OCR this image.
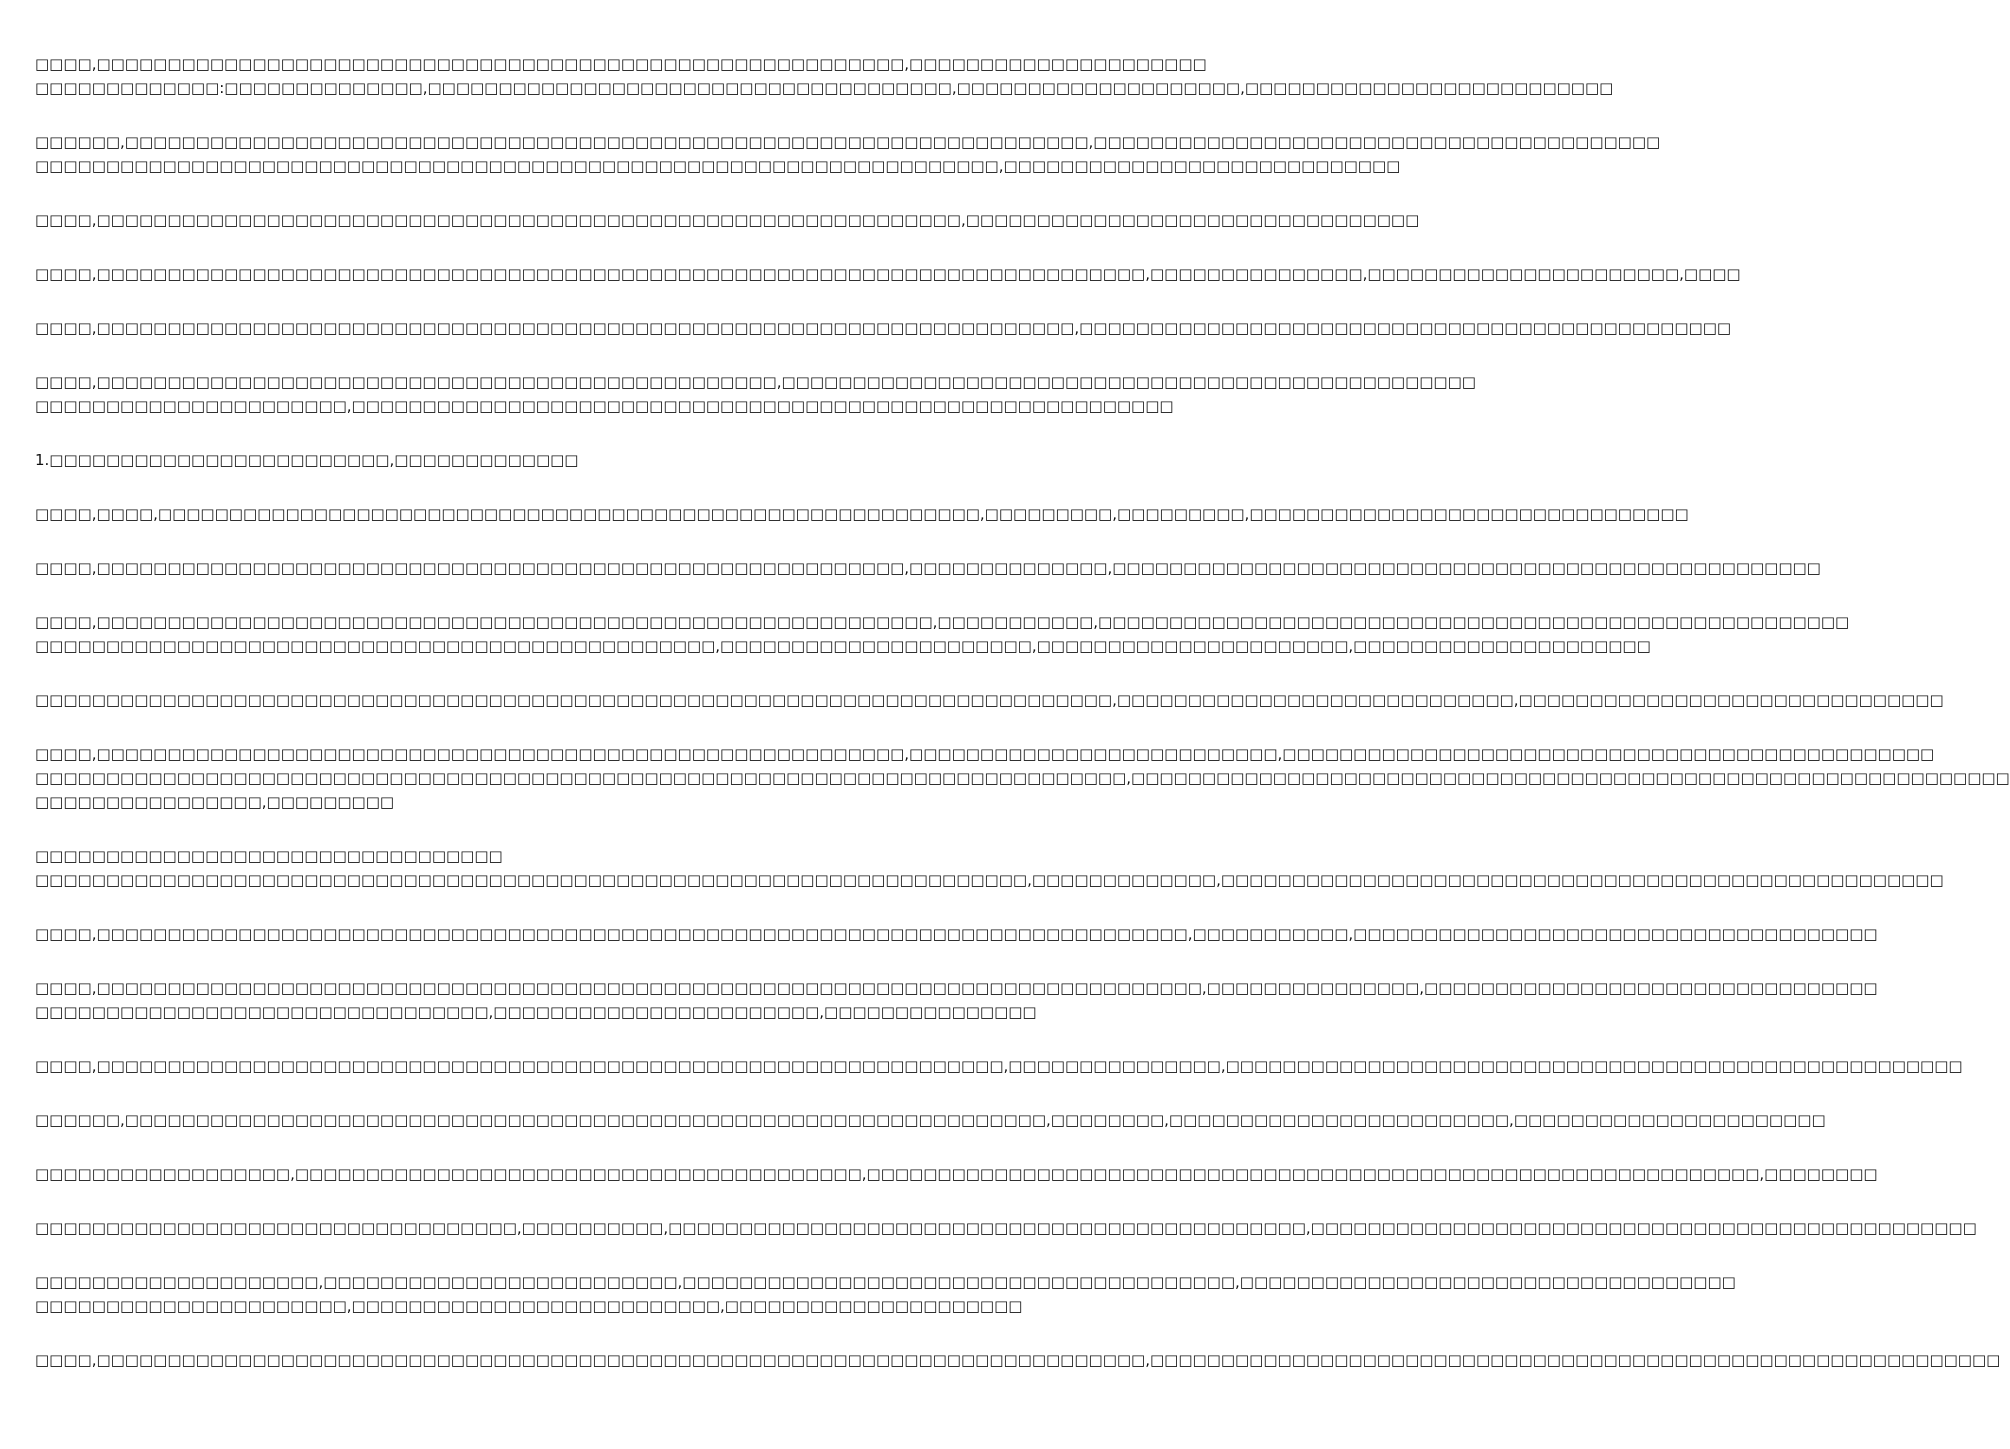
□□□□,□□□□□□□□□□□□□□□□□□□□□□□□□□□□□□□□□□□□□□□□□□□□□□□□□□□□□□□□□,□□□□□□□□□□□□□□□□□□□□□
□□□□□□□□□□□□□:□□□□□□□□□□□□□□,□□□□□□□□□□□□□□□□□□□□□□□□□□□□□□□□□□□□□,□□□□□□□□□□□□□□□□□□□□,□□□□□□□□□□□□□□□□□□□□□□□□□□
□□□□□□,□□□□□□□□□□□□□□□□□□□□□□□□□□□□□□□□□□□□□□□□□□□□□□□□□□□□□□□□□□□□□□□□□□□□,□□□□□□□□□□□□□□□□□□□□□□□□□□□□□□□□□□□□□□□□
□□□□□□□□□□□□□□□□□□□□□□□□□□□□□□□□□□□□□□□□□□□□□□□□□□□□□□□□□□□□□□□□□□□□,□□□□□□□□□□□□□□□□□□□□□□□□□□□□
□□□□,□□□□□□□□□□□□□□□□□□□□□□□□□□□□□□□□□□□□□□□□□□□□□□□□□□□□□□□□□□□□□,□□□□□□□□□□□□□□□□□□□□□□□□□□□□□□□□
□□□□,□□□□□□□□□□□□□□□□□□□□□□□□□□□□□□□□□□□□□□□□□□□□□□□□□□□□□□□□□□□□□□□□□□□□□□□□□□,□□□□□□□□□□□□□□□,□□□□□□□□□□□□□□□□□□□□□□,□□□□
□□□□,□□□□□□□□□□□□□□□□□□□□□□□□□□□□□□□□□□□□□□□□□□□□□□□□□□□□□□□□□□□□□□□□□□□□□,□□□□□□□□□□□□□□□□□□□□□□□□□□□□□□□□□□□□□□□□□□□□□□
□□□□,□□□□□□□□□□□□□□□□□□□□□□□□□□□□□□□□□□□□□□□□□□□□□□□□,□□□□□□□□□□□□□□□□□□□□□□□□□□□□□□□□□□□□□□□□□□□□□□□□□
□□□□□□□□□□□□□□□□□□□□□□,□□□□□□□□□□□□□□□□□□□□□□□□□□□□□□□□□□□□□□□□□□□□□□□□□□□□□□□□□□
1.□□□□□□□□□□□□□□□□□□□□□□□□,□□□□□□□□□□□□□
□□□□,□□□□,□□□□□□□□□□□□□□□□□□□□□□□□□□□□□□□□□□□□□□□□□□□□□□□□□□□□□□□□□□,□□□□□□□□□,□□□□□□□□□,□□□□□□□□□□□□□□□□□□□□□□□□□□□□□□□
□□□□,□□□□□□□□□□□□□□□□□□□□□□□□□□□□□□□□□□□□□□□□□□□□□□□□□□□□□□□□□,□□□□□□□□□□□□□□,□□□□□□□□□□□□□□□□□□□□□□□□□□□□□□□□□□□□□□□□□□□□□□□□□□
□□□□,□□□□□□□□□□□□□□□□□□□□□□□□□□□□□□□□□□□□□□□□□□□□□□□□□□□□□□□□□□□,□□□□□□□□□□□,□□□□□□□□□□□□□□□□□□□□□□□□□□□□□□□□□□□□□□□□□□□□□□□□□□□□□
□□□□□□□□□□□□□□□□□□□□□□□□□□□□□□□□□□□□□□□□□□□□□□□□,□□□□□□□□□□□□□□□□□□□□□□,□□□□□□□□□□□□□□□□□□□□□□,□□□□□□□□□□□□□□□□□□□□□
□□□□□□□□□□□□□□□□□□□□□□□□□□□□□□□□□□□□□□□□□□□□□□□□□□□□□□□□□□□□□□□□□□□□□□□□□□□□,□□□□□□□□□□□□□□□□□□□□□□□□□□□□,□□□□□□□□□□□□□□□□□□□□□□□□□□□□□□
□□□□,□□□□□□□□□□□□□□□□□□□□□□□□□□□□□□□□□□□□□□□□□□□□□□□□□□□□□□□□□,□□□□□□□□□□□□□□□□□□□□□□□□□□,□□□□□□□□□□□□□□□□□□□□□□□□□□□□□□□□□□□□□□□□□□□□□□
□□□□□□□□□□□□□□□□□□□□□□□□□□□□□□□□□□□□□□□□□□□□□□□□□□□□□□□□□□□□□□□□□□□□□□□□□□□□□,□□□□□□□□□□□□□□□□□□□□□□□□□□□□□□□□□□□□□□□□□□□□□□□□□□□□□□□□□□□□□□
□□□□□□□□□□□□□□□□,□□□□□□□□□
□□□□□□□□□□□□□□□□□□□□□□□□□□□□□□□□□
□□□□□□□□□□□□□□□□□□□□□□□□□□□□□□□□□□□□□□□□□□□□□□□□□□□□□□□□□□□□□□□□□□□□□□,□□□□□□□□□□□□□,□□□□□□□□□□□□□□□□□□□□□□□□□□□□□□□□□□□□□□□□□□□□□□□□□□□
□□□□,□□□□□□□□□□□□□□□□□□□□□□□□□□□□□□□□□□□□□□□□□□□□□□□□□□□□□□□□□□□□□□□□□□□□□□□□□□□□□,□□□□□□□□□□□,□□□□□□□□□□□□□□□□□□□□□□□□□□□□□□□□□□□□□
□□□□,□□□□□□□□□□□□□□□□□□□□□□□□□□□□□□□□□□□□□□□□□□□□□□□□□□□□□□□□□□□□□□□□□□□□□□□□□□□□□□,□□□□□□□□□□□□□□□,□□□□□□□□□□□□□□□□□□□□□□□□□□□□□□□□
□□□□□□□□□□□□□□□□□□□□□□□□□□□□□□□□,□□□□□□□□□□□□□□□□□□□□□□□,□□□□□□□□□□□□□□□
□□□□,□□□□□□□□□□□□□□□□□□□□□□□□□□□□□□□□□□□□□□□□□□□□□□□□□□□□□□□□□□□□□□□□,□□□□□□□□□□□□□□□,□□□□□□□□□□□□□□□□□□□□□□□□□□□□□□□□□□□□□□□□□□□□□□□□□□□□
□□□□□□,□□□□□□□□□□□□□□□□□□□□□□□□□□□□□□□□□□□□□□□□□□□□□□□□□□□□□□□□□□□□□□□□□,□□□□□□□□,□□□□□□□□□□□□□□□□□□□□□□□□,□□□□□□□□□□□□□□□□□□□□□□
□□□□□□□□□□□□□□□□□□,□□□□□□□□□□□□□□□□□□□□□□□□□□□□□□□□□□□□□□□□,□□□□□□□□□□□□□□□□□□□□□□□□□□□□□□□□□□□□□□□□□□□□□□□□□□□□□□□□□□□□□□□,□□□□□□□□
□□□□□□□□□□□□□□□□□□□□□□□□□□□□□□□□□□,□□□□□□□□□□,□□□□□□□□□□□□□□□□□□□□□□□□□□□□□□□□□□□□□□□□□□□□□,□□□□□□□□□□□□□□□□□□□□□□□□□□□□□□□□□□□□□□□□□□□□□□□
□□□□□□□□□□□□□□□□□□□□,□□□□□□□□□□□□□□□□□□□□□□□□□,□□□□□□□□□□□□□□□□□□□□□□□□□□□□□□□□□□□□□□□,□□□□□□□□□□□□□□□□□□□□□□□□□□□□□□□□□□□
□□□□□□□□□□□□□□□□□□□□□□,□□□□□□□□□□□□□□□□□□□□□□□□□□,□□□□□□□□□□□□□□□□□□□□□
□□□□,□□□□□□□□□□□□□□□□□□□□□□□□□□□□□□□□□□□□□□□□□□□□□□□□□□□□□□□□□□□□□□□□□□□□□□□□□□,□□□□□□□□□□□□□□□□□□□□□□□□□□□□□□□□□□□□□□□□□□□□□□□□□□□□□□□□□□□□
